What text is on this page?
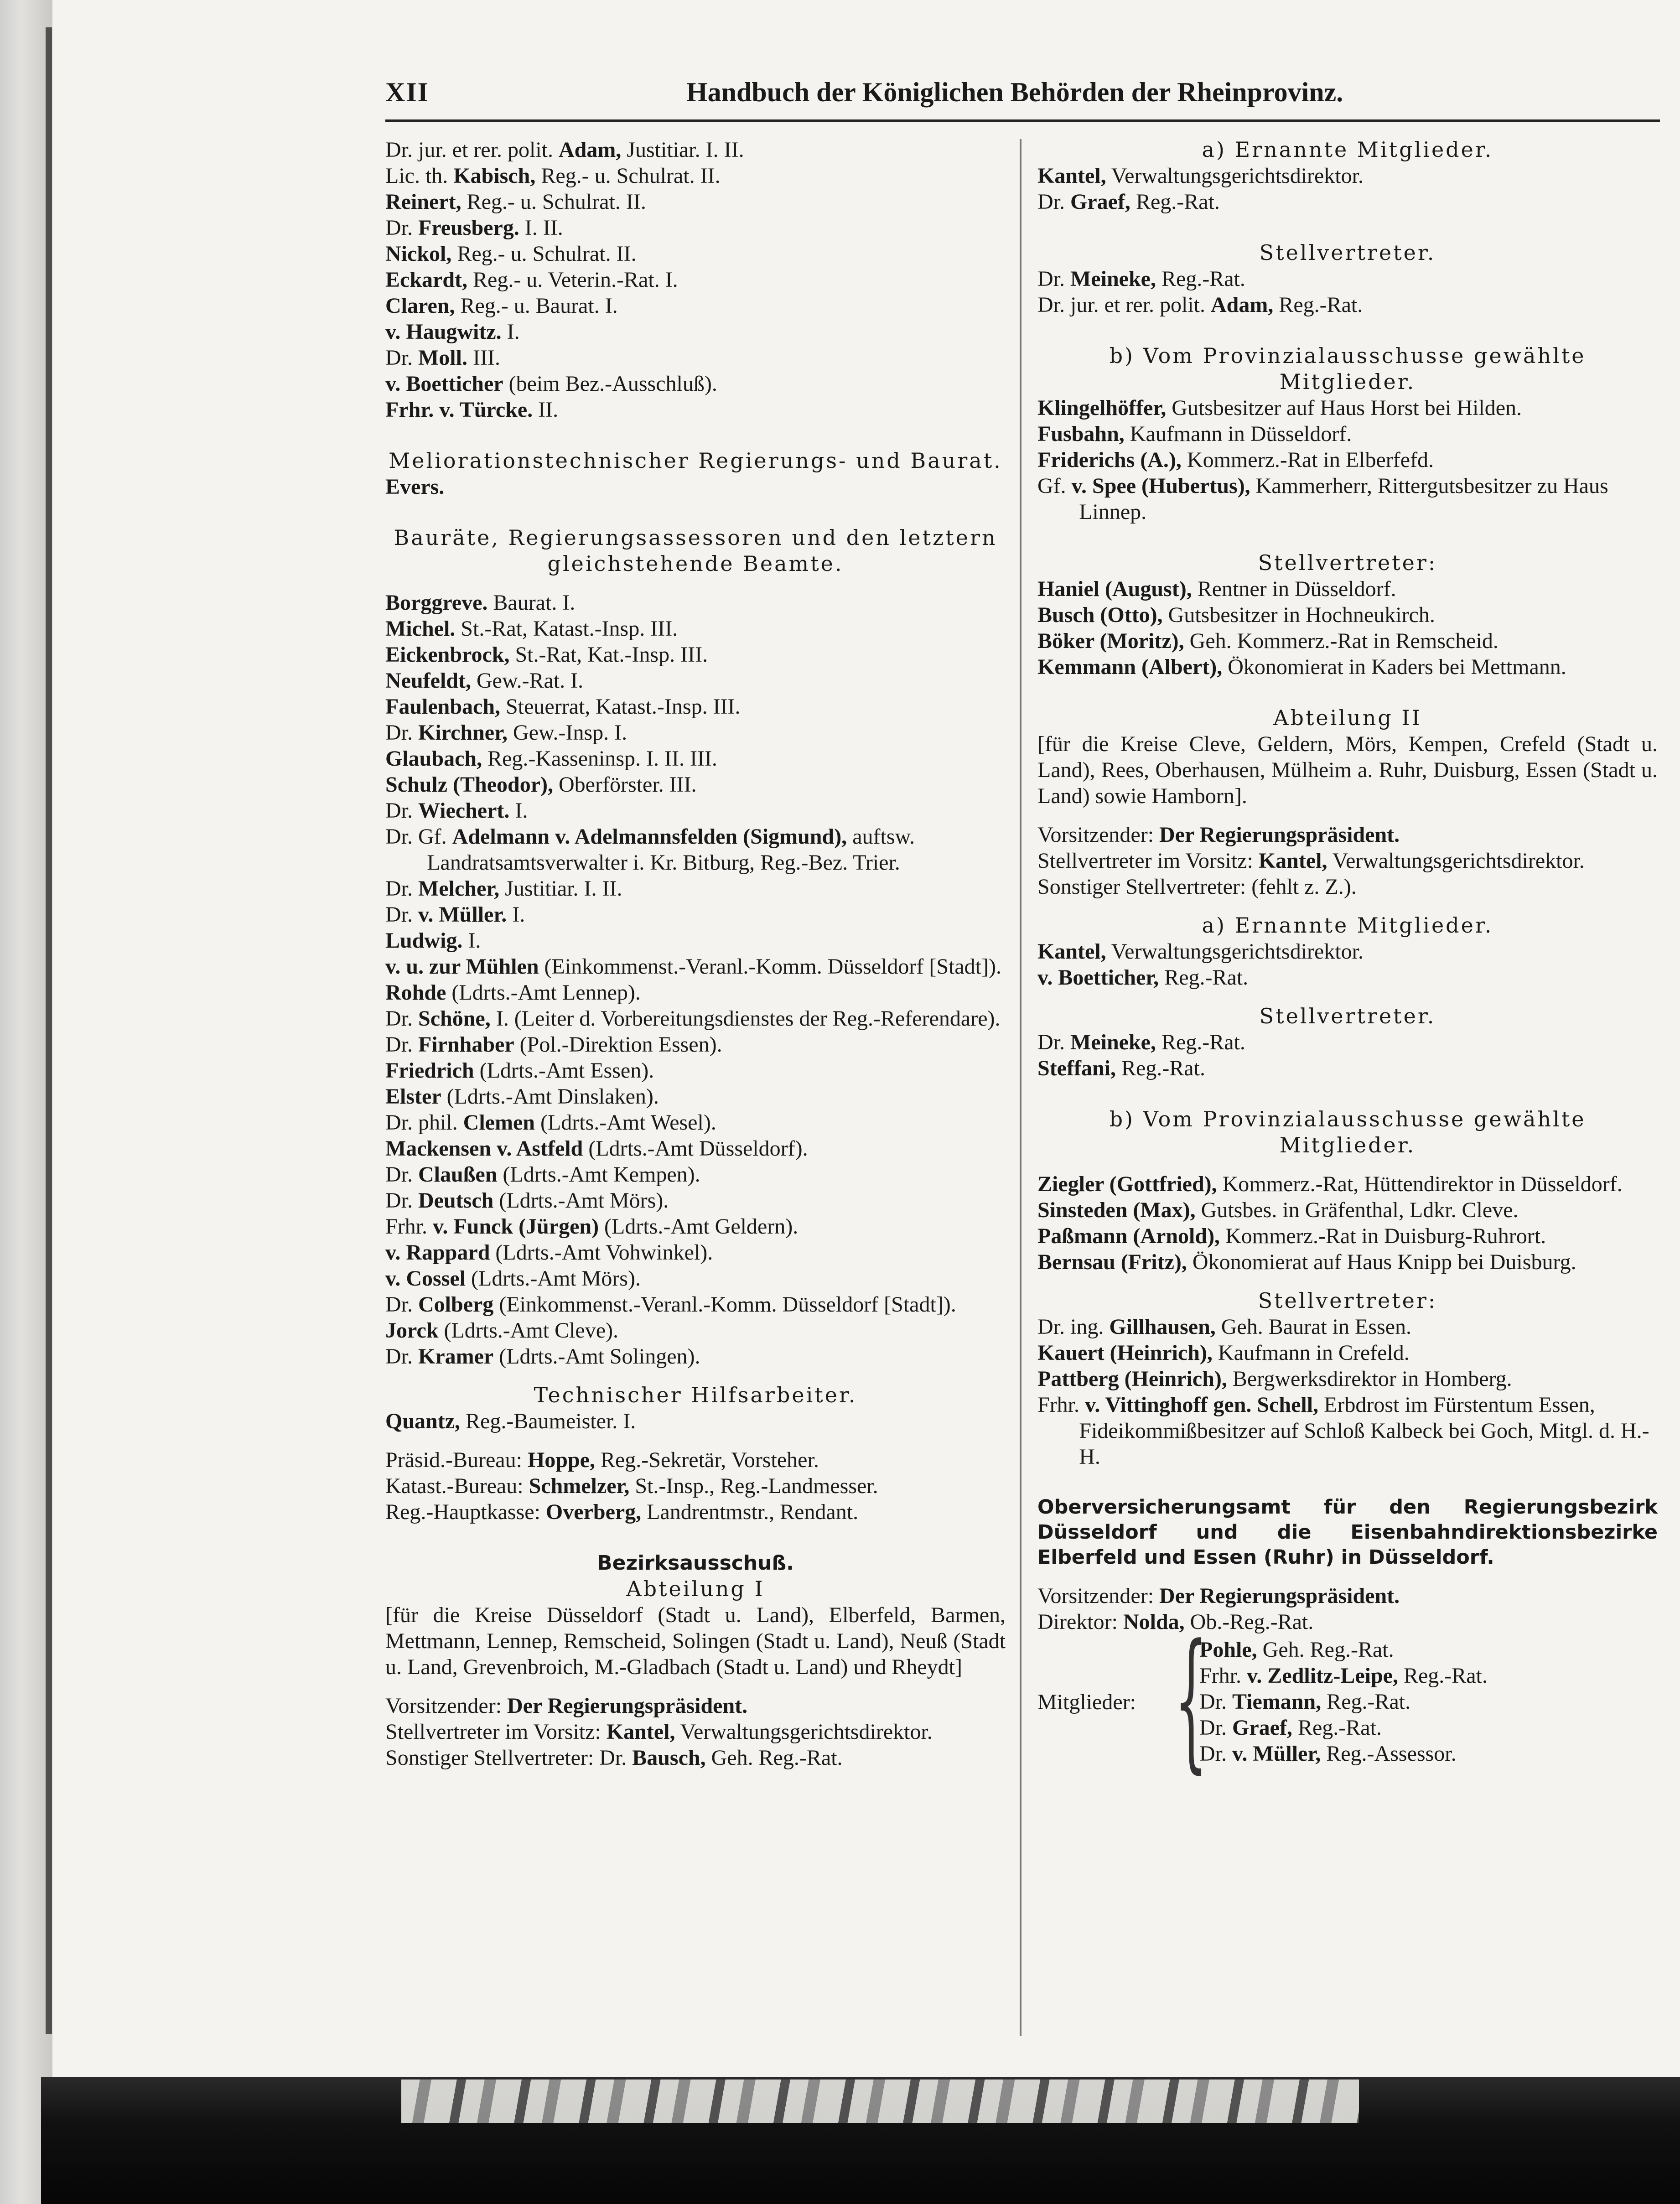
XII	Handbuch der Königlichen Behörden der Rheinprovinz.
Dr. jur. et rer. polit. Adam, Justitiar. I. II.
Lic. th. Kabisch, Reg.- u. Schulrat. II.
Reinert, Reg.- u. Schulrat. II.
Dr. Freusberg. I. II.
Nickol, Reg.- u. Schulrat. II.
Eckardt, Reg.- u. Veterin.-Rat. I.
Claren, Reg.- u. Baurat. I.
v. Haugwitz. I.
Dr. Moll. III.
v. Boetticher (beim Bez.-Ausschluß).
Frhr. v. Türcke. II.
Meliorationstechnischer Regierungs- und Baurat.
Evers.
Bauräte, Regierungsassessoren und den letztern gleichstehende Beamte.
Borggreve. Baurat. I.
Michel. St.-Rat, Katast.-Insp. III.
Eickenbrock, St.-Rat, Kat.-Insp. III.
Neufeldt, Gew.-Rat. I.
Faulenbach, Steuerrat, Katast.-Insp. III.
Dr. Kirchner, Gew.-Insp. I.
Glaubach, Reg.-Kasseninsp. I. II. III.
Schulz (Theodor), Oberförster. III.
Dr. Wiechert. I.
Dr. Gf. Adelmann v. Adelmannsfelden (Sigmund), auftsw. Landratsamtsverwalter i. Kr. Bitburg, Reg.-Bez. Trier.
Dr. Melcher, Justitiar. I. II.
Dr. v. Müller. I.
Ludwig. I.
v. u. zur Mühlen (Einkommenst.-Veranl.-Komm. Düsseldorf [Stadt]).
Rohde (Ldrts.-Amt Lennep).
Dr. Schöne, I. (Leiter d. Vorbereitungsdienstes der Reg.-Referendare).
Dr. Firnhaber (Pol.-Direktion Essen).
Friedrich (Ldrts.-Amt Essen).
Elster (Ldrts.-Amt Dinslaken).
Dr. phil. Clemen (Ldrts.-Amt Wesel).
Mackensen v. Astfeld (Ldrts.-Amt Düsseldorf).
Dr. Claußen (Ldrts.-Amt Kempen).
Dr. Deutsch (Ldrts.-Amt Mörs).
Frhr. v. Funck (Jürgen) (Ldrts.-Amt Geldern).
v. Rappard (Ldrts.-Amt Vohwinkel).
v. Cossel (Ldrts.-Amt Mörs).
Dr. Colberg (Einkommenst.-Veranl.-Komm. Düsseldorf [Stadt]).
Jorck (Ldrts.-Amt Cleve).
Dr. Kramer (Ldrts.-Amt Solingen).
Technischer Hilfsarbeiter.
Quantz, Reg.-Baumeister. I.
Präsid.-Bureau: Hoppe, Reg.-Sekretär, Vorsteher.
Katast.-Bureau: Schmelzer, St.-Insp., Reg.-Landmesser.
Reg.-Hauptkasse: Overberg, Landrentmstr., Rendant.
Bezirksausschuß.
Abteilung I
[für die Kreise Düsseldorf (Stadt u. Land), Elberfeld, Barmen, Mettmann, Lennep, Remscheid, Solingen (Stadt u. Land), Neuß (Stadt u. Land, Grevenbroich, M.-Gladbach (Stadt u. Land) und Rheydt]
Vorsitzender: Der Regierungspräsident.
Stellvertreter im Vorsitz: Kantel, Verwaltungsgerichtsdirektor.
Sonstiger Stellvertreter: Dr. Bausch, Geh. Reg.-Rat.
a) Ernannte Mitglieder.
Kantel, Verwaltungsgerichtsdirektor.
Dr. Graef, Reg.-Rat.
Stellvertreter.
Dr. Meineke, Reg.-Rat.
Dr. jur. et rer. polit. Adam, Reg.-Rat.
b) Vom Provinzialausschusse gewählte Mitglieder.
Klingelhöffer, Gutsbesitzer auf Haus Horst bei Hilden.
Fusbahn, Kaufmann in Düsseldorf.
Friderichs (A.), Kommerz.-Rat in Elberfefd.
Gf. v. Spee (Hubertus), Kammerherr, Rittergutsbesitzer zu Haus Linnep.
Stellvertreter:
Haniel (August), Rentner in Düsseldorf.
Busch (Otto), Gutsbesitzer in Hochneukirch.
Böker (Moritz), Geh. Kommerz.-Rat in Remscheid.
Kemmann (Albert), Ökonomierat in Kaders bei Mettmann.
Abteilung II
[für die Kreise Cleve, Geldern, Mörs, Kempen, Crefeld (Stadt u. Land), Rees, Oberhausen, Mülheim a. Ruhr, Duisburg, Essen (Stadt u. Land) sowie Hamborn].
Vorsitzender: Der Regierungspräsident.
Stellvertreter im Vorsitz: Kantel, Verwaltungsgerichtsdirektor.
Sonstiger Stellvertreter: (fehlt z. Z.).
a) Ernannte Mitglieder.
Kantel, Verwaltungsgerichtsdirektor.
v. Boetticher, Reg.-Rat.
Stellvertreter.
Dr. Meineke, Reg.-Rat.
Steffani, Reg.-Rat.
b) Vom Provinzialausschusse gewählte Mitglieder.
Ziegler (Gottfried), Kommerz.-Rat, Hüttendirektor in Düsseldorf.
Sinsteden (Max), Gutsbes. in Gräfenthal, Ldkr. Cleve.
Paßmann (Arnold), Kommerz.-Rat in Duisburg-Ruhrort.
Bernsau (Fritz), Ökonomierat auf Haus Knipp bei Duisburg.
Stellvertreter:
Dr. ing. Gillhausen, Geh. Baurat in Essen.
Kauert (Heinrich), Kaufmann in Crefeld.
Pattberg (Heinrich), Bergwerksdirektor in Homberg.
Frhr. v. Vittinghoff gen. Schell, Erbdrost im Fürstentum Essen, Fideikommißbesitzer auf Schloß Kalbeck bei Goch, Mitgl. d. H.-H.
Oberversicherungsamt für den Regierungsbezirk Düsseldorf und die Eisenbahndirektionsbezirke Elberfeld und Essen (Ruhr) in Düsseldorf.
Vorsitzender: Der Regierungspräsident.
Direktor: Nolda, Ob.-Reg.-Rat.
Mitglieder: {
Pohle, Geh. Reg.-Rat.
Frhr. v. Zedlitz-Leipe, Reg.-Rat.
Dr. Tiemann, Reg.-Rat.
Dr. Graef, Reg.-Rat.
Dr. v. Müller, Reg.-Assessor.
